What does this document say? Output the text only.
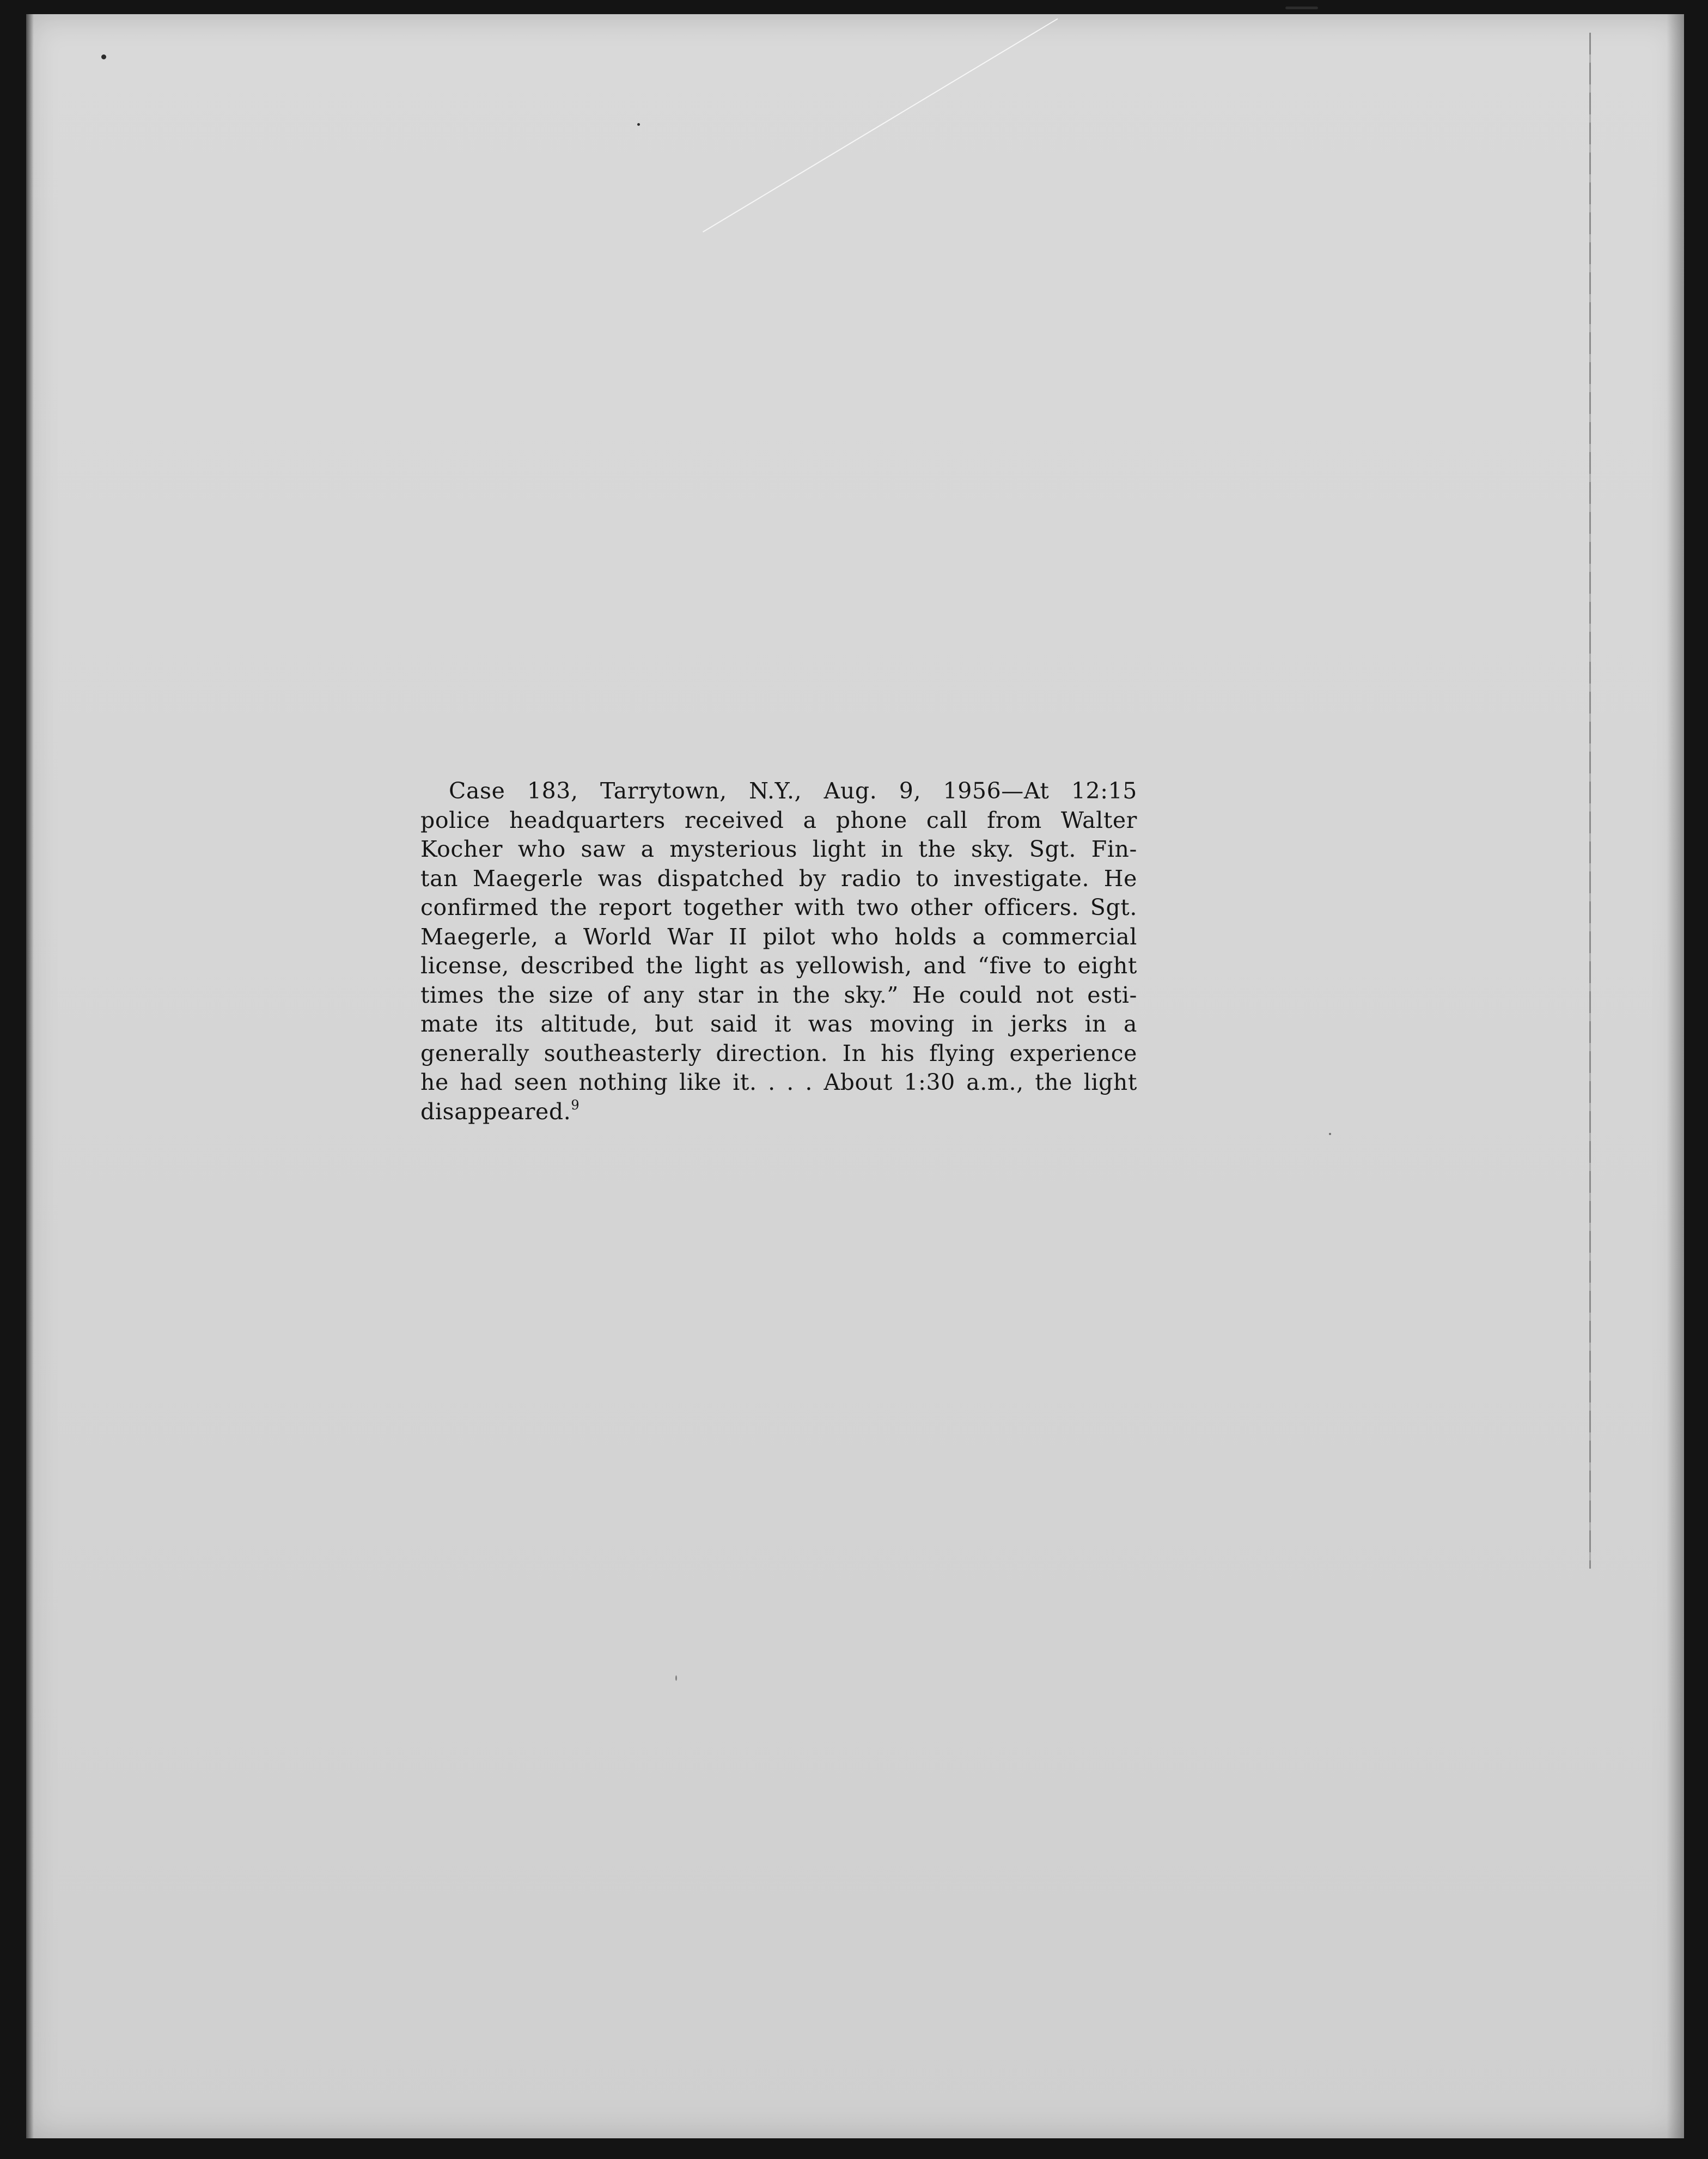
Case 183, Tarrytown, N.Y., Aug. 9, 1956—At 12:15
police headquarters received a phone call from Walter
Kocher who saw a mysterious light in the sky. Sgt. Fin-
tan Maegerle was dispatched by radio to investigate. He
confirmed the report together with two other officers. Sgt.
Maegerle, a World War II pilot who holds a commercial
license, described the light as yellowish, and “five to eight
times the size of any star in the sky.” He could not esti-
mate its altitude, but said it was moving in jerks in a
generally southeasterly direction. In his flying experience
he had seen nothing like it. . . . About 1:30 a.m., the light
disappeared.$^9$
